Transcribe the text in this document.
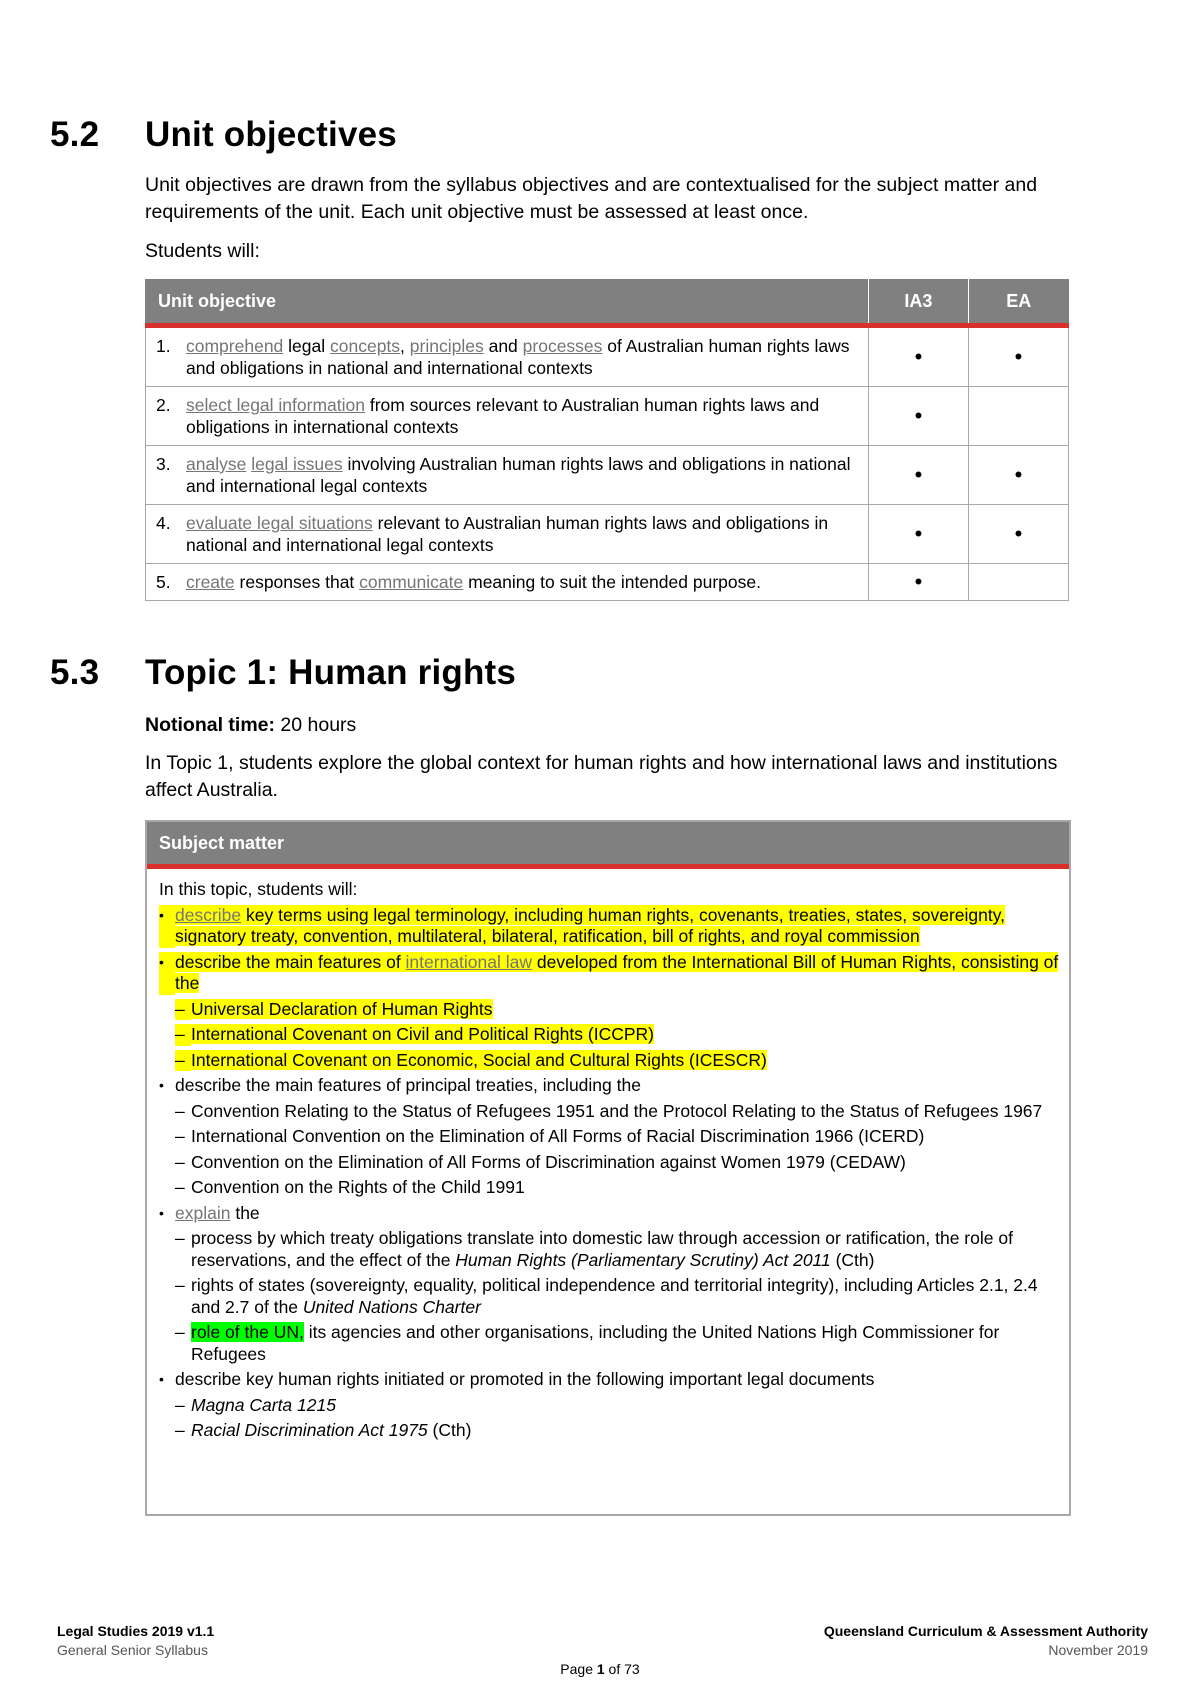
5.2	Unit objectives
Unit objectives are drawn from the syllabus objectives and are contextualised for the subject matter and requirements of the unit. Each unit objective must be assessed at least once.
Students will:
Unit objective	IA3	EA

1. comprehend legal concepts, principles and processes of Australian human rights laws and obligations in national and international contexts	•	•

2. select legal information from sources relevant to Australian human rights laws and obligations in international contexts	•	

3. analyse legal issues involving Australian human rights laws and obligations in national and international legal contexts	•	•

4. evaluate legal situations relevant to Australian human rights laws and obligations in national and international legal contexts	•	•

5. create responses that communicate meaning to suit the intended purpose.	•	
5.3	Topic 1: Human rights
Notional time: 20 hours
In Topic 1, students explore the global context for human rights and how international laws and institutions affect Australia.
Subject matter

In this topic, students will:

• describe key terms using legal terminology, including human rights, covenants, treaties, states, sovereignty, signatory treaty, convention, multilateral, bilateral, ratification, bill of rights, and royal commission
• describe the main features of international law developed from the International Bill of Human Rights, consisting of the
– Universal Declaration of Human Rights
– International Covenant on Civil and Political Rights (ICCPR)
– International Covenant on Economic, Social and Cultural Rights (ICESCR)
• describe the main features of principal treaties, including the
– Convention Relating to the Status of Refugees 1951 and the Protocol Relating to the Status of Refugees 1967
– International Convention on the Elimination of All Forms of Racial Discrimination 1966 (ICERD)
– Convention on the Elimination of All Forms of Discrimination against Women 1979 (CEDAW)
– Convention on the Rights of the Child 1991
• explain the
– process by which treaty obligations translate into domestic law through accession or ratification, the role of reservations, and the effect of the Human Rights (Parliamentary Scrutiny) Act 2011 (Cth)
– rights of states (sovereignty, equality, political independence and territorial integrity), including Articles 2.1, 2.4 and 2.7 of the United Nations Charter
– role of the UN, its agencies and other organisations, including the United Nations High Commissioner for Refugees
• describe key human rights initiated or promoted in the following important legal documents
– Magna Carta 1215
– Racial Discrimination Act 1975 (Cth)
Legal Studies 2019 v1.1
General Senior Syllabus
Queensland Curriculum & Assessment Authority
November 2019
Page 1 of 73
